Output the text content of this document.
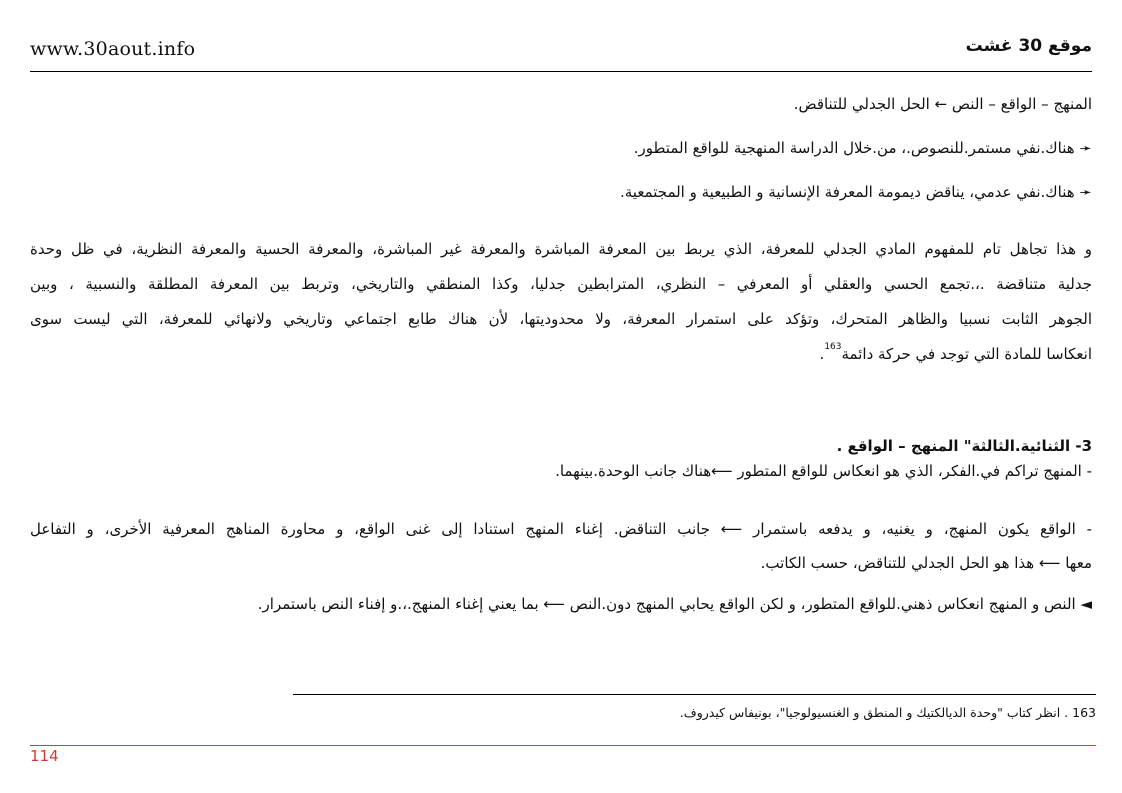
www.30aout.info	موقع 30 غشت
المنهج – الواقع – النص ← الحل الجدلي للتناقض.
➛ هناك.نفي مستمر.للنصوص.، من.خلال الدراسة المنهجية للواقع المتطور.
➛ هناك.نفي عدمي، يناقض ديمومة المعرفة الإنسانية و الطبيعية و المجتمعية.
و هذا تجاهل تام للمفهوم المادي الجدلي للمعرفة، الذي يربط بين المعرفة المباشرة والمعرفة غير المباشرة، والمعرفة الحسية والمعرفة النظرية، في ظل وحدة
جدلية متناقضة .،.تجمع الحسي والعقلي أو المعرفي – النظري، المترابطين جدليا، وكذا المنطقي والتاريخي، وتربط بين المعرفة المطلقة والنسبية ، وبين
الجوهر الثابت نسبيا والظاهر المتحرك، وتؤكد على استمرار المعرفة، ولا محدوديتها، لأن هناك طابع اجتماعي وتاريخي ولانهائي للمعرفة، التي ليست سوى
انعكاسا للمادة التي توجد في حركة دائمة$^{163}$.
3- الثنائية.الثالثة" المنهج – الواقع .
- المنهج تراكم في.الفكر، الذي هو انعكاس للواقع المتطور ⟵هناك جانب الوحدة.بينهما.
- الواقع يكون المنهج، و يغنيه، و يدفعه باستمرار ⟵ جانب التناقض. إغناء المنهج استنادا إلى غنى الواقع، و محاورة المناهج المعرفية الأخرى، و التفاعل
معها ⟵ هذا هو الحل الجدلي للتناقض، حسب الكاتب.
◄ النص و المنهج انعكاس ذهني.للواقع المتطور، و لكن الواقع يحابي المنهج دون.النص ⟵ بما يعني إغناء المنهج.،.و إفناء النص باستمرار.
163 . انظر كتاب "وحدة الديالكتيك و المنطق و الغنسيولوجيا"، بونيفاس كيدروف.
114
